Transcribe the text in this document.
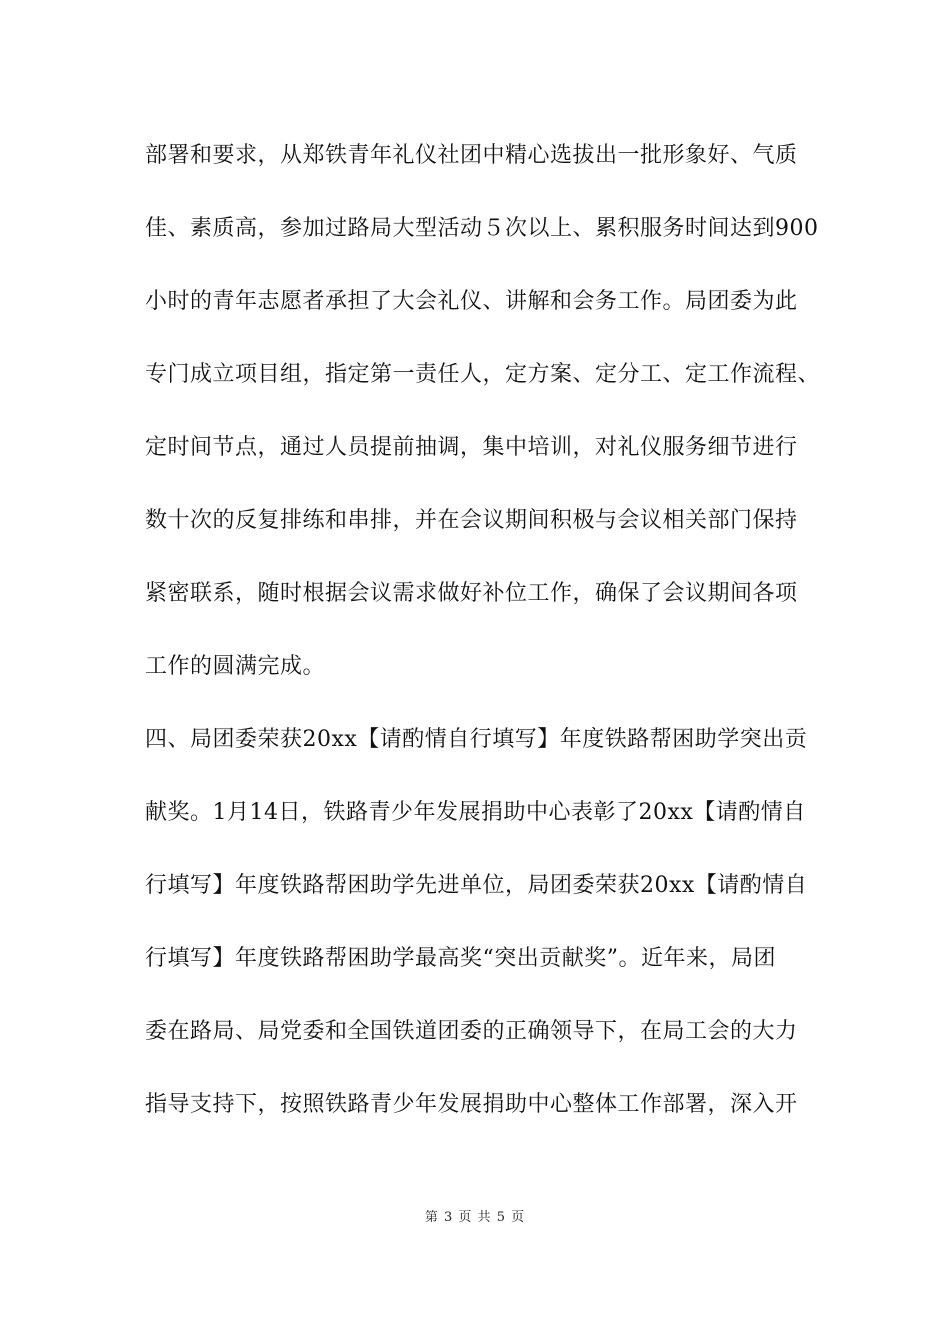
部署和要求，从郑铁青年礼仪社团中精心选拔出一批形象好、气质
佳、素质高，参加过路局大型活动５次以上、累积服务时间达到900
小时的青年志愿者承担了大会礼仪、讲解和会务工作。局团委为此
专门成立项目组，指定第一责任人，定方案、定分工、定工作流程、
定时间节点，通过人员提前抽调，集中培训，对礼仪服务细节进行
数十次的反复排练和串排，并在会议期间积极与会议相关部门保持
紧密联系，随时根据会议需求做好补位工作，确保了会议期间各项
工作的圆满完成。
四、局团委荣获20xx【请酌情自行填写】年度铁路帮困助学突出贡
献奖。1月14日，铁路青少年发展捐助中心表彰了20xx【请酌情自
行填写】年度铁路帮困助学先进单位，局团委荣获20xx【请酌情自
行填写】年度铁路帮困助学最高奖“突出贡献奖”。近年来，局团
委在路局、局党委和全国铁道团委的正确领导下，在局工会的大力
指导支持下，按照铁路青少年发展捐助中心整体工作部署，深入开
第 3 页 共 5 页
